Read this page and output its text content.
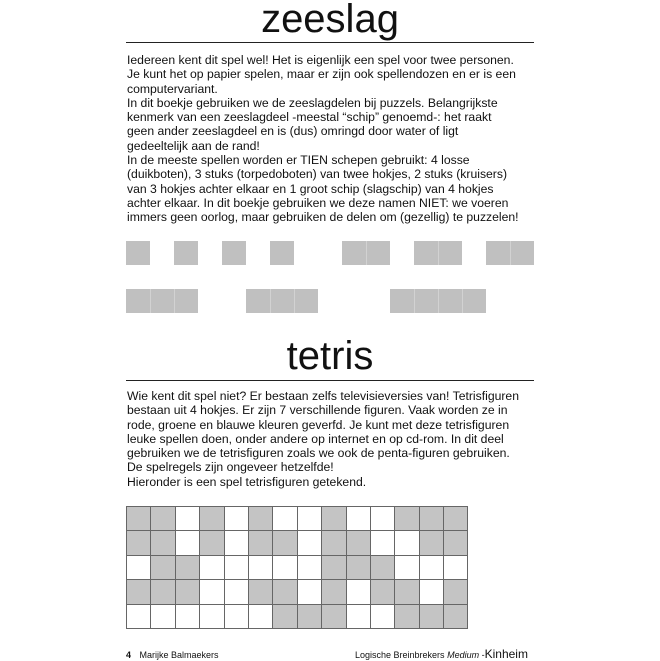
zeeslag
Iedereen kent dit spel wel! Het is eigenlijk een spel voor twee personen.
Je kunt het op papier spelen, maar er zijn ook spellendozen en er is een
computervariant.
In dit boekje gebruiken we de zeeslagdelen bij puzzels. Belangrijkste
kenmerk van een zeeslagdeel -meestal “schip” genoemd-: het raakt
geen ander zeeslagdeel en is (dus) omringd door water of ligt
gedeeltelijk aan de rand!
In de meeste spellen worden er TIEN schepen gebruikt: 4 losse
(duikboten), 3 stuks (torpedoboten) van twee hokjes, 2 stuks (kruisers)
van 3 hokjes achter elkaar en 1 groot schip (slagschip) van 4 hokjes
achter elkaar. In dit boekje gebruiken we deze namen NIET: we voeren
immers geen oorlog, maar gebruiken de delen om (gezellig) te puzzelen!
tetris
Wie kent dit spel niet? Er bestaan zelfs televisieversies van! Tetrisfiguren
bestaan uit 4 hokjes. Er zijn 7 verschillende figuren. Vaak worden ze in
rode, groene en blauwe kleuren geverfd. Je kunt met deze tetrisfiguren
leuke spellen doen, onder andere op internet en op cd-rom. In dit deel
gebruiken we de tetrisfiguren zoals we ook de penta-figuren gebruiken.
De spelregels zijn ongeveer hetzelfde!
Hieronder is een spel tetrisfiguren getekend.
4 Marijke Balmaekers	Logische Breinbrekers Medium -Kinheim
